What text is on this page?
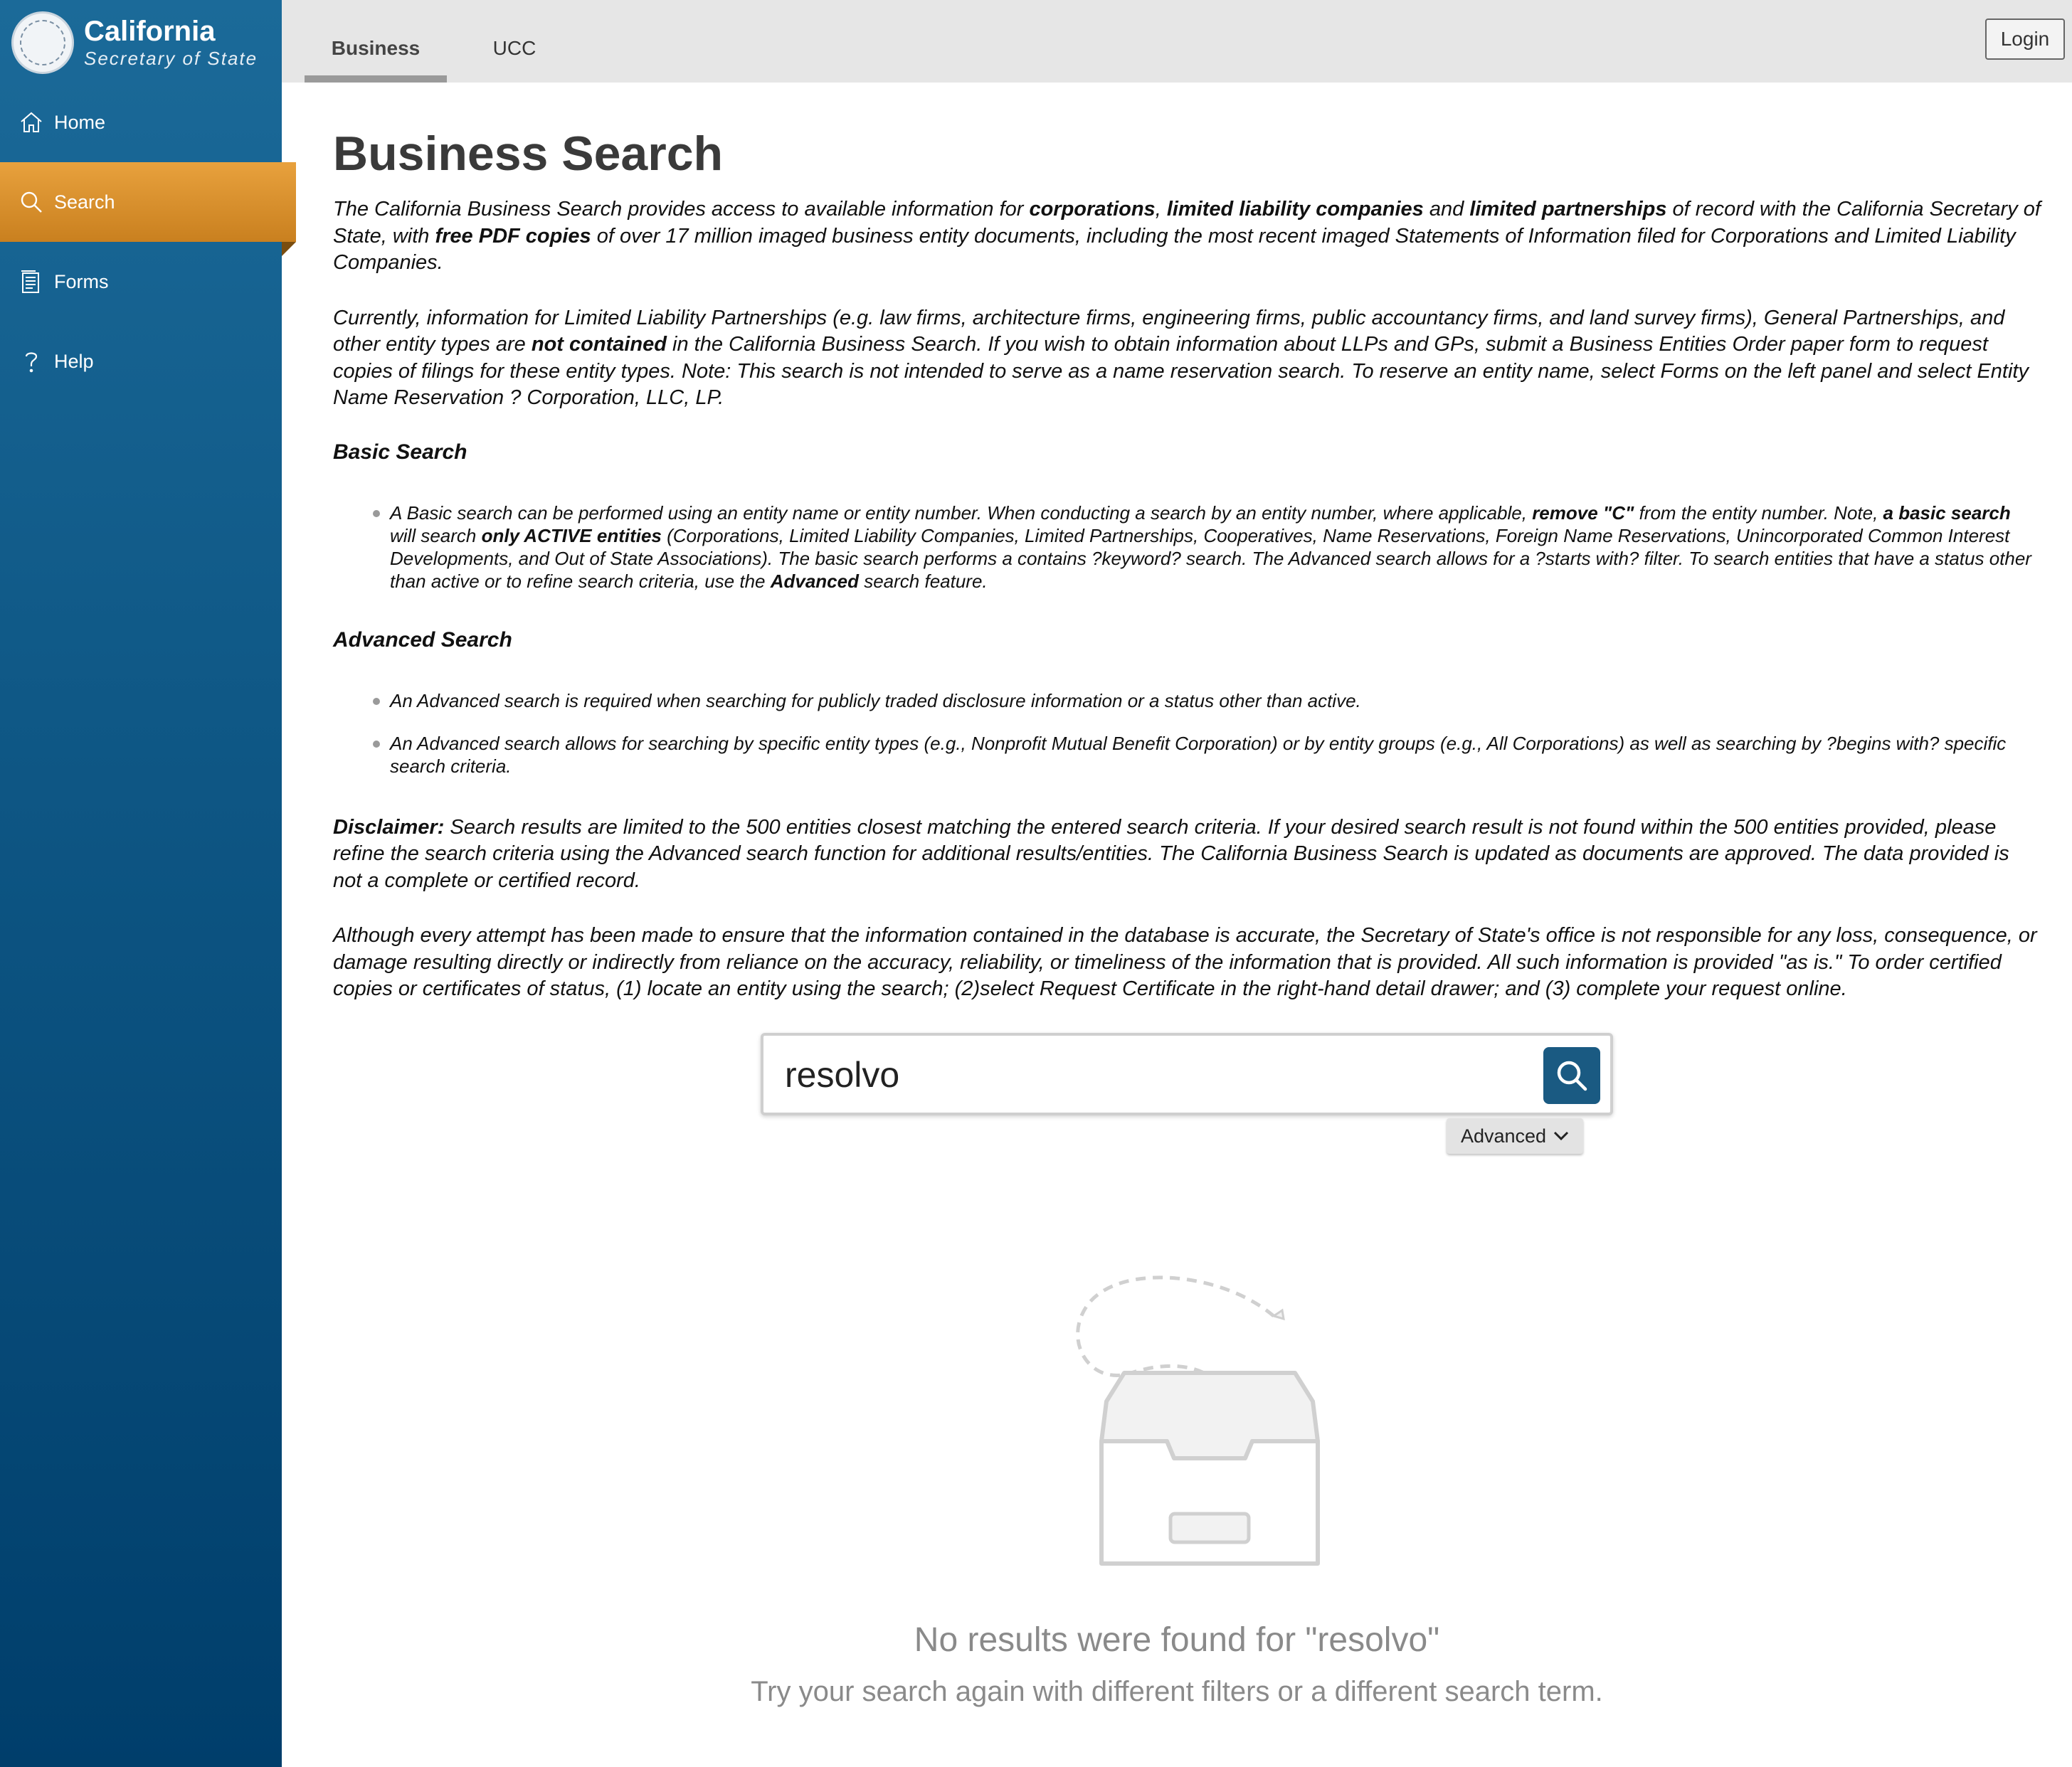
California
Secretary of State
Home
Search
Forms
Help
Business	UCC	Login
Business Search

The California Business Search provides access to available information for corporations, limited liability companies and limited partnerships of record with the California Secretary of State, with free PDF copies of over 17 million imaged business entity documents, including the most recent imaged Statements of Information filed for Corporations and Limited Liability Companies.

Currently, information for Limited Liability Partnerships (e.g. law firms, architecture firms, engineering firms, public accountancy firms, and land survey firms), General Partnerships, and other entity types are not contained in the California Business Search. If you wish to obtain information about LLPs and GPs, submit a Business Entities Order paper form to request copies of filings for these entity types. Note: This search is not intended to serve as a name reservation search. To reserve an entity name, select Forms on the left panel and select Entity Name Reservation ? Corporation, LLC, LP.

Basic Search
A Basic search can be performed using an entity name or entity number. When conducting a search by an entity number, where applicable, remove "C" from the entity number. Note, a basic search will search only ACTIVE entities (Corporations, Limited Liability Companies, Limited Partnerships, Cooperatives, Name Reservations, Foreign Name Reservations, Unincorporated Common Interest Developments, and Out of State Associations). The basic search performs a contains ?keyword? search. The Advanced search allows for a ?starts with? filter. To search entities that have a status other than active or to refine search criteria, use the Advanced search feature.
Advanced Search
An Advanced search is required when searching for publicly traded disclosure information or a status other than active.
An Advanced search allows for searching by specific entity types (e.g., Nonprofit Mutual Benefit Corporation) or by entity groups (e.g., All Corporations) as well as searching by ?begins with? specific search criteria.

Disclaimer: Search results are limited to the 500 entities closest matching the entered search criteria. If your desired search result is not found within the 500 entities provided, please refine the search criteria using the Advanced search function for additional results/entities. The California Business Search is updated as documents are approved. The data provided is not a complete or certified record.

Although every attempt has been made to ensure that the information contained in the database is accurate, the Secretary of State's office is not responsible for any loss, consequence, or damage resulting directly or indirectly from reliance on the accuracy, reliability, or timeliness of the information that is provided. All such information is provided "as is." To order certified copies or certificates of status, (1) locate an entity using the search; (2)select Request Certificate in the right-hand detail drawer; and (3) complete your request online.

resolvo
Advanced
No results were found for "resolvo"
Try your search again with different filters or a different search term.
